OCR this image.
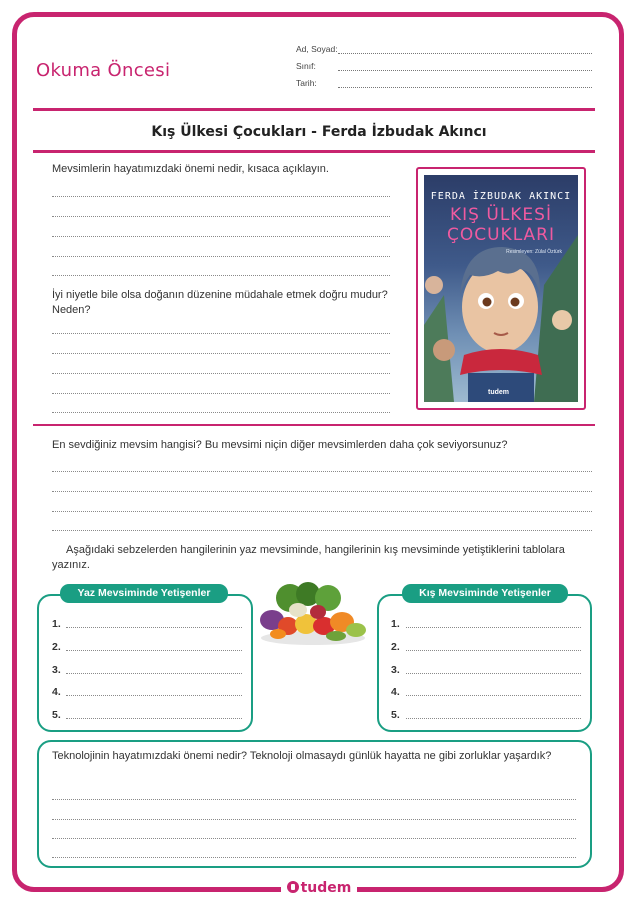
Okuma Öncesi
Ad, Soyad:
Sınıf:
Tarih:
Kış Ülkesi Çocukları - Ferda İzbudak Akıncı
Mevsimlerin hayatımızdaki önemi nedir, kısaca açıklayın.
İyi niyetle bile olsa doğanın düzenine müdahale etmek doğru mudur? Neden?
FERDA İZBUDAK AKINCI
KIŞ ÜLKESİ
ÇOCUKLARI
Resimleyen: Zülal Öztürk
tudem
En sevdiğiniz mevsim hangisi? Bu mevsimi niçin diğer mevsimlerden daha çok seviyorsunuz?
Aşağıdaki sebzelerden hangilerinin yaz mevsiminde, hangilerinin kış mevsiminde yetiştiklerini tablolara yazınız.
Yaz Mevsiminde Yetişenler
1.
2.
3.
4.
5.
Kış Mevsiminde Yetişenler
1.
2.
3.
4.
5.
Teknolojinin hayatımızdaki önemi nedir? Teknoloji olmasaydı günlük hayatta ne gibi zorluklar yaşardık?
tudem
